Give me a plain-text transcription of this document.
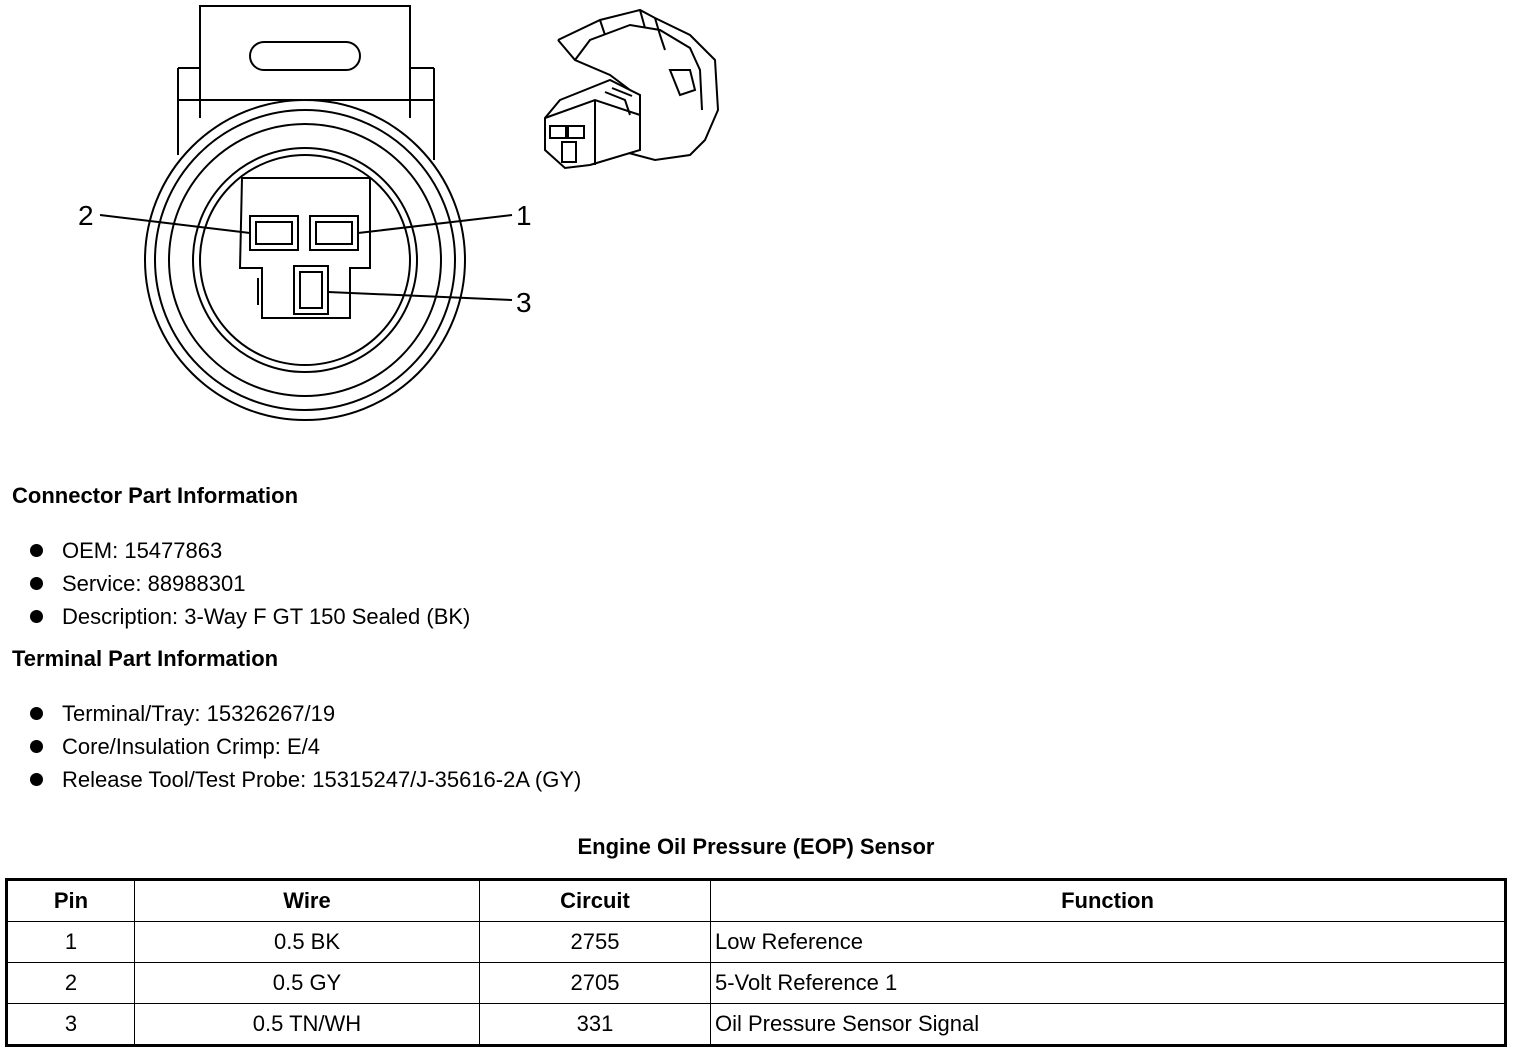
2	1
3
Connector Part Information
OEM: 15477863
Service: 88988301
Description: 3-Way F GT 150 Sealed (BK)
Terminal Part Information
Terminal/Tray: 15326267/19
Core/Insulation Crimp: E/4
Release Tool/Test Probe: 15315247/J-35616-2A (GY)
Engine Oil Pressure (EOP) Sensor
Pin	Wire	Circuit	Function
1	0.5 BK	2755	Low Reference
2	0.5 GY	2705	5-Volt Reference 1
3	0.5 TN/WH	331	Oil Pressure Sensor Signal
